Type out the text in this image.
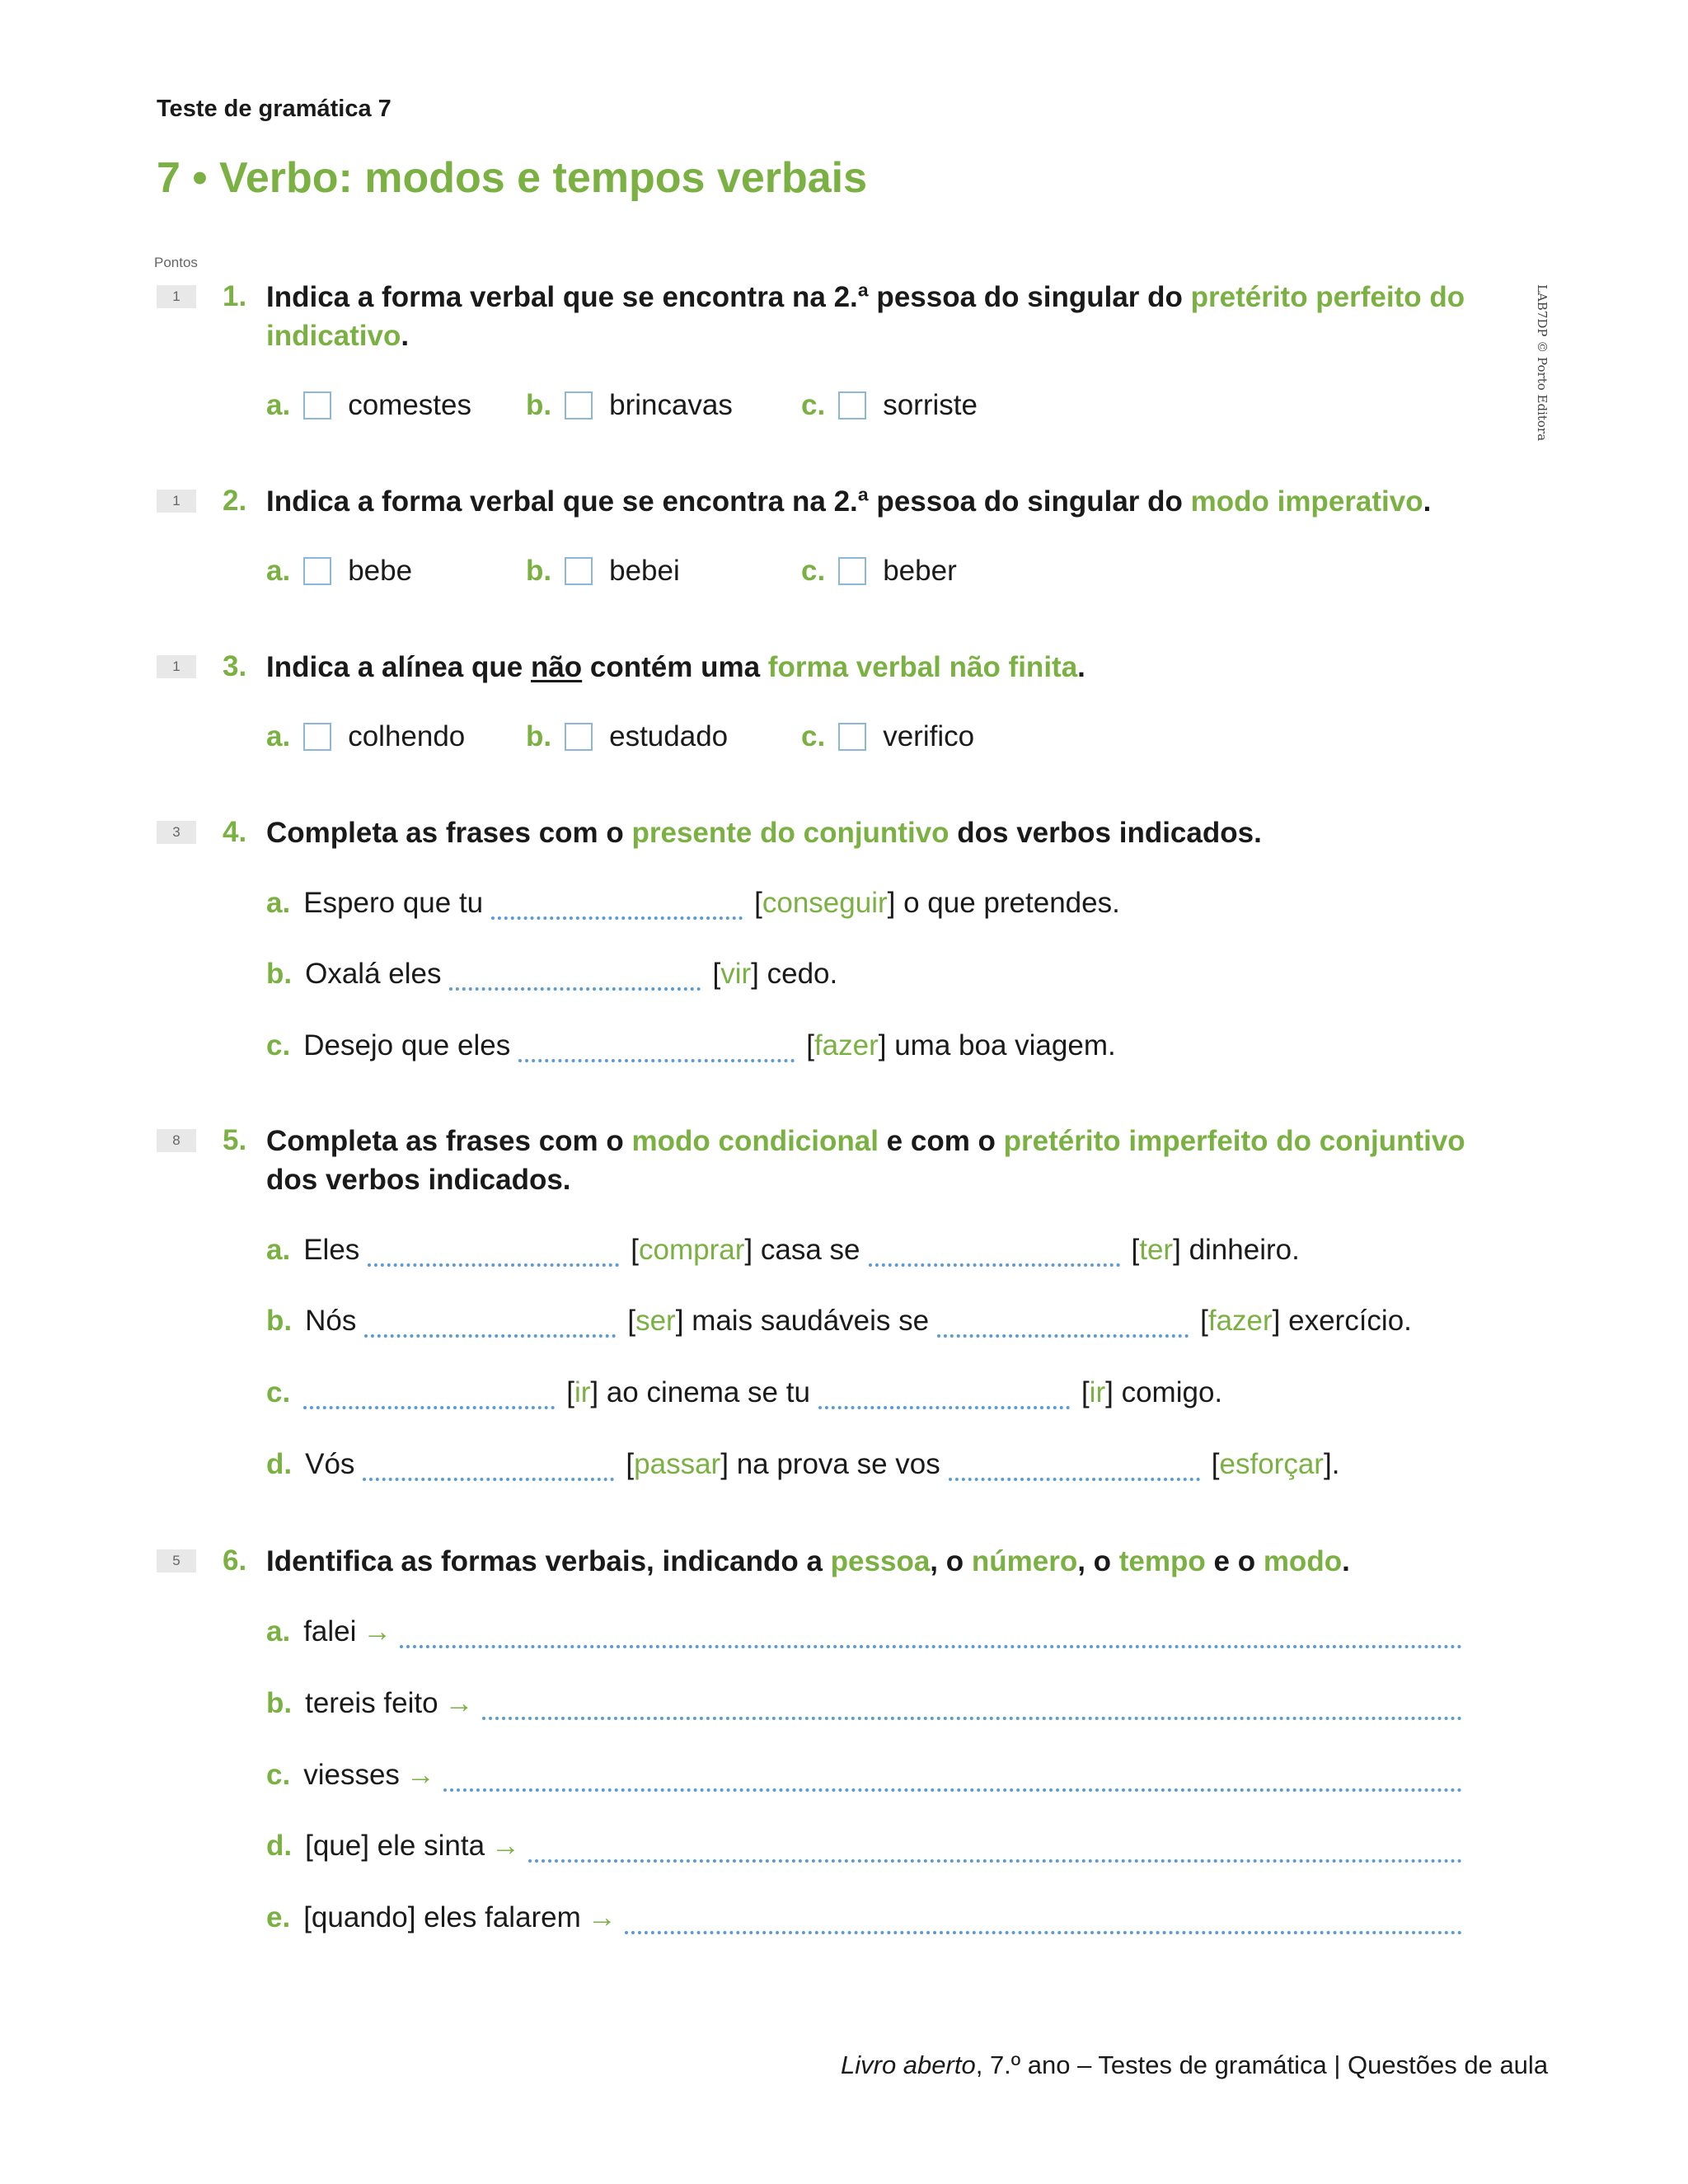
Teste de gramática 7
7 • Verbo: modos e tempos verbais
Pontos
LAB7DP © Porto Editora
1	1. Indica a forma verbal que se encontra na 2.ª pessoa do singular do pretérito perfeito do indicativo.
a. comestes b. brincavas c. sorriste
1	2. Indica a forma verbal que se encontra na 2.ª pessoa do singular do modo imperativo.
a. bebe	b. bebei	c. beber
1	3. Indica a alínea que não contém uma forma verbal não finita.
a. colhendo b. estudado	c. verifico
3	4. Completa as frases com o presente do conjuntivo dos verbos indicados.
a. Espero que tu	[conseguir]
o que pretendes.
b. Oxalá eles	[vir]
cedo.
c. Desejo que eles	[fazer]
uma boa viagem.
8	5. Completa as frases com o modo condicional e com o pretérito imperfeito do conjuntivo
dos verbos indicados.
a. Eles	[comprar]
casa se	[ter]
dinheiro.
b. Nós	[ser]
mais saudáveis se	[fazer]
exercício.
c.	[ir]
ao cinema se tu	[ir]
comigo.
d. Vós	[passar]
na prova se vos	[esforçar] .
5	6. Identifica as formas verbais, indicando a pessoa, o número, o tempo e o modo.
a. falei →
b. tereis feito →
c. viesses →
d. [que] ele sinta →
e. [quando] eles falarem →
Livro aberto, 7.º ano – Testes de gramática | Questões de aula
